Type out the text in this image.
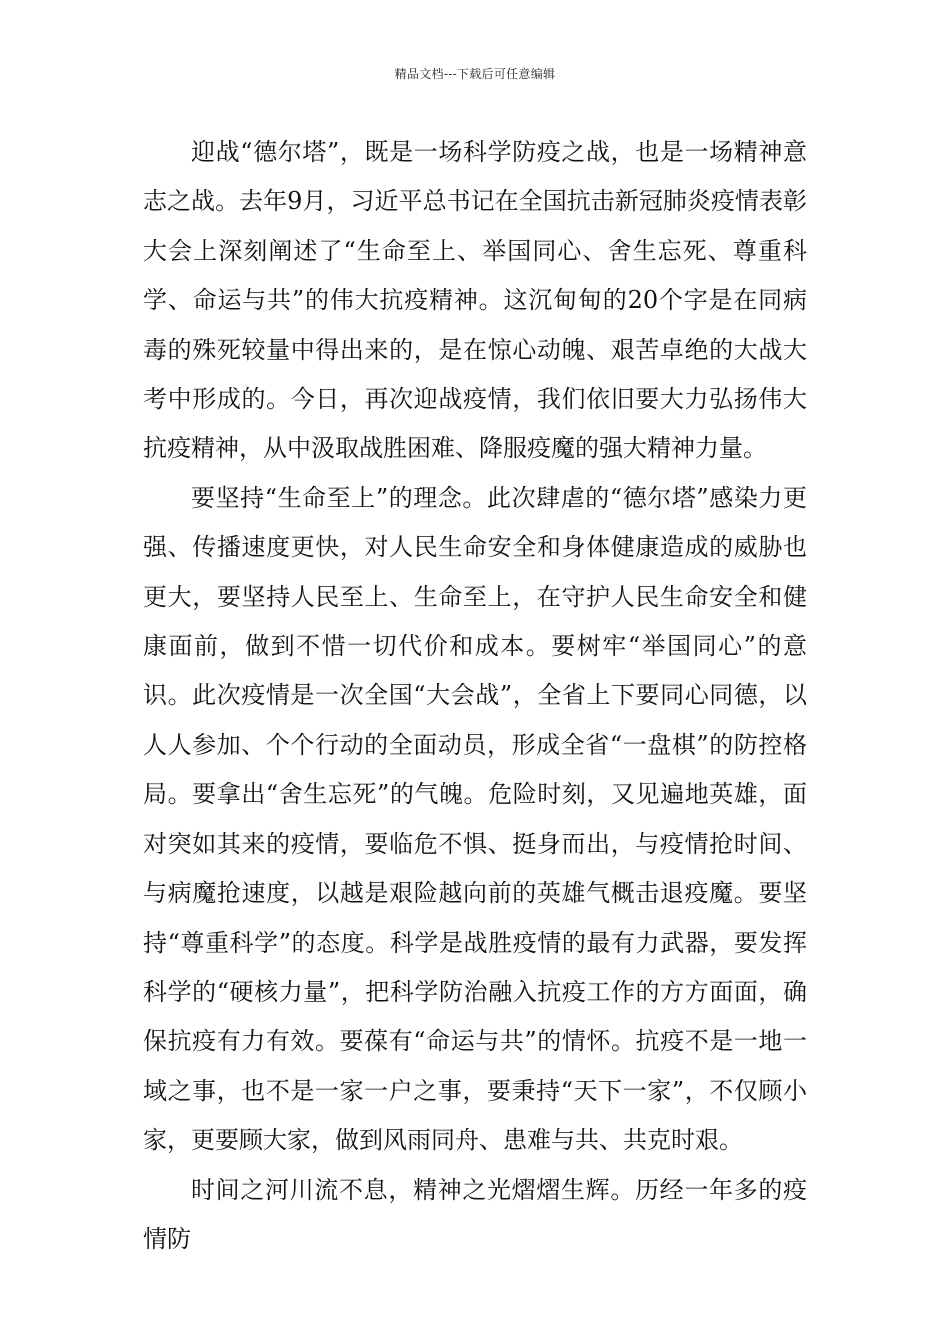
精品文档---下载后可任意编辑

迎战“德尔塔”，既是一场科学防疫之战，也是一场精神意志之战。去年9月，习近平总书记在全国抗击新冠肺炎疫情表彰大会上深刻阐述了“生命至上、举国同心、舍生忘死、尊重科学、命运与共”的伟大抗疫精神。这沉甸甸的20个字是在同病毒的殊死较量中得出来的，是在惊心动魄、艰苦卓绝的大战大考中形成的。今日，再次迎战疫情，我们依旧要大力弘扬伟大抗疫精神，从中汲取战胜困难、降服疫魔的强大精神力量。

要坚持“生命至上”的理念。此次肆虐的“德尔塔”感染力更强、传播速度更快，对人民生命安全和身体健康造成的威胁也更大，要坚持人民至上、生命至上，在守护人民生命安全和健康面前，做到不惜一切代价和成本。要树牢“举国同心”的意识。此次疫情是一次全国“大会战”，全省上下要同心同德，以人人参加、个个行动的全面动员，形成全省“一盘棋”的防控格局。要拿出“舍生忘死”的气魄。危险时刻，又见遍地英雄，面对突如其来的疫情，要临危不惧、挺身而出，与疫情抢时间、与病魔抢速度，以越是艰险越向前的英雄气概击退疫魔。要坚持“尊重科学”的态度。科学是战胜疫情的最有力武器，要发挥科学的“硬核力量”，把科学防治融入抗疫工作的方方面面，确保抗疫有力有效。要葆有“命运与共”的情怀。抗疫不是一地一域之事，也不是一家一户之事，要秉持“天下一家”，不仅顾小家，更要顾大家，做到风雨同舟、患难与共、共克时艰。

时间之河川流不息，精神之光熠熠生辉。历经一年多的疫情防
